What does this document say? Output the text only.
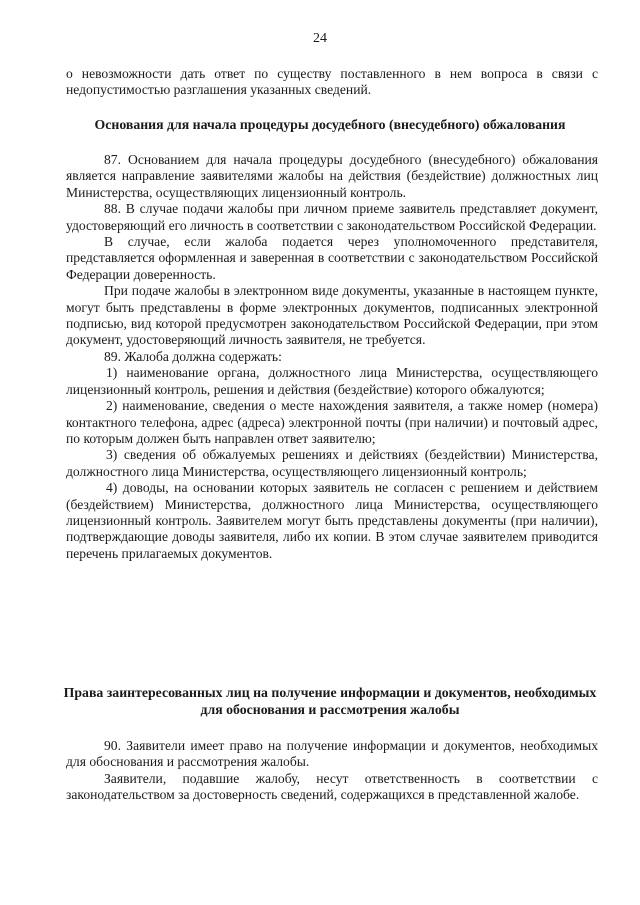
24

о невозможности дать ответ по существу поставленного в нем вопроса в связи с недопустимостью разглашения указанных сведений.

Основания для начала процедуры досудебного (внесудебного) обжалования

87. Основанием для начала процедуры досудебного (внесудебного) обжалования является направление заявителями жалобы на действия (бездействие) должностных лиц Министерства, осуществляющих лицензионный контроль.

88. В случае подачи жалобы при личном приеме заявитель представляет документ, удостоверяющий его личность в соответствии с законодательством Российской Федерации.

В случае, если жалоба подается через уполномоченного представителя, представляется оформленная и заверенная в соответствии с законодательством Российской Федерации доверенность.

При подаче жалобы в электронном виде документы, указанные в настоящем пункте, могут быть представлены в форме электронных документов, подписанных электронной подписью, вид которой предусмотрен законодательством Российской Федерации, при этом документ, удостоверяющий личность заявителя, не требуется.

89. Жалоба должна содержать:

1) наименование органа, должностного лица Министерства, осуществляющего лицензионный контроль, решения и действия (бездействие) которого обжалуются;

2) наименование, сведения о месте нахождения заявителя, а также номер (номера) контактного телефона, адрес (адреса) электронной почты (при наличии) и почтовый адрес, по которым должен быть направлен ответ заявителю;

3) сведения об обжалуемых решениях и действиях (бездействии) Министерства, должностного лица Министерства, осуществляющего лицензионный контроль;

4) доводы, на основании которых заявитель не согласен с решением и действием (бездействием) Министерства, должностного лица Министерства, осуществляющего лицензионный контроль. Заявителем могут быть представлены документы (при наличии), подтверждающие доводы заявителя, либо их копии. В этом случае заявителем приводится перечень прилагаемых документов.

Права заинтересованных лиц на получение информации и документов, необходимых для обоснования и рассмотрения жалобы

90. Заявители имеет право на получение информации и документов, необходимых для обоснования и рассмотрения жалобы.

Заявители, подавшие жалобу, несут ответственность в соответствии с законодательством за достоверность сведений, содержащихся в представленной жалобе.
